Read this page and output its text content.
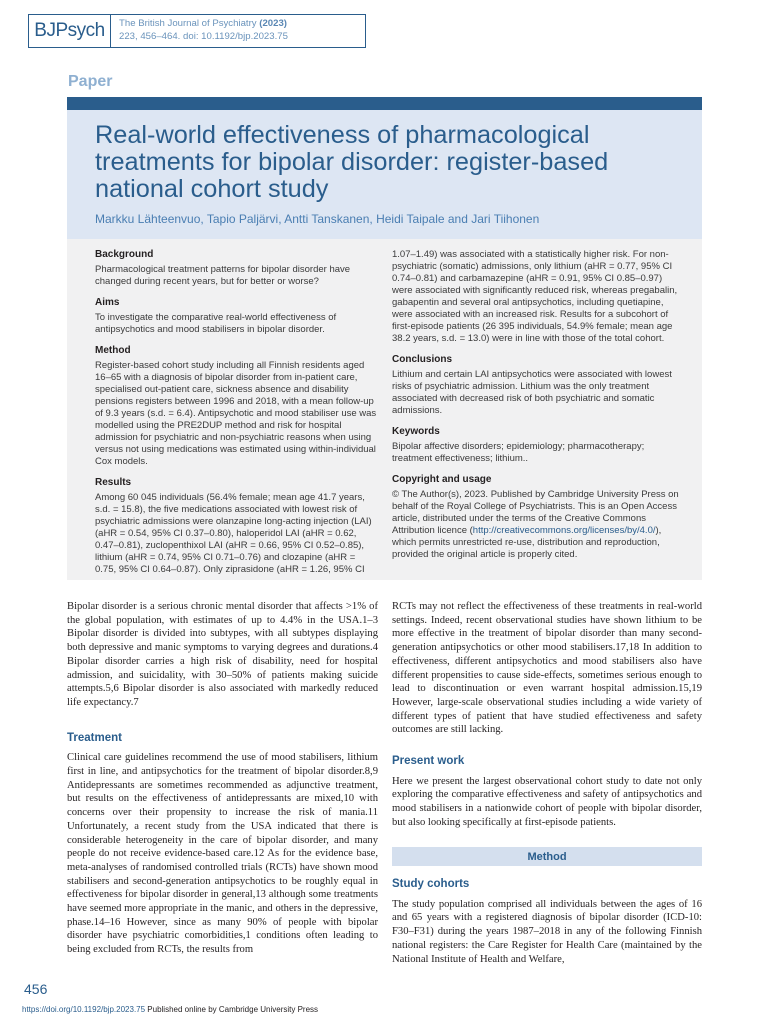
BJPsych	The British Journal of Psychiatry (2023)
223, 456–464. doi: 10.1192/bjp.2023.75
Paper
Real-world effectiveness of pharmacological treatments for bipolar disorder: register-based national cohort study
Markku Lähteenvuo, Tapio Paljärvi, Antti Tanskanen, Heidi Taipale and Jari Tiihonen
Background

Pharmacological treatment patterns for bipolar disorder have changed during recent years, but for better or worse?

Aims

To investigate the comparative real-world effectiveness of antipsychotics and mood stabilisers in bipolar disorder.

Method

Register-based cohort study including all Finnish residents aged 16–65 with a diagnosis of bipolar disorder from in-patient care, specialised out-patient care, sickness absence and disability pensions registers between 1996 and 2018, with a mean follow-up of 9.3 years (s.d. = 6.4). Antipsychotic and mood stabiliser use was modelled using the PRE2DUP method and risk for hospital admission for psychiatric and non-psychiatric reasons when using versus not using medications was estimated using within-individual Cox models.

Results

Among 60 045 individuals (56.4% female; mean age 41.7 years, s.d. = 15.8), the five medications associated with lowest risk of psychiatric admissions were olanzapine long-acting injection (LAI) (aHR = 0.54, 95% CI 0.37–0.80), haloperidol LAI (aHR = 0.62, 0.47–0.81), zuclopenthixol LAI (aHR = 0.66, 95% CI 0.52–0.85), lithium (aHR = 0.74, 95% CI 0.71–0.76) and clozapine (aHR = 0.75, 95% CI 0.64–0.87). Only ziprasidone (aHR = 1.26, 95% CI

1.07–1.49) was associated with a statistically higher risk. For non-psychiatric (somatic) admissions, only lithium (aHR = 0.77, 95% CI 0.74–0.81) and carbamazepine (aHR = 0.91, 95% CI 0.85–0.97) were associated with significantly reduced risk, whereas pregabalin, gabapentin and several oral antipsychotics, including quetiapine, were associated with an increased risk. Results for a subcohort of first-episode patients (26 395 individuals, 54.9% female; mean age 38.2 years, s.d. = 13.0) were in line with those of the total cohort.

Conclusions

Lithium and certain LAI antipsychotics were associated with lowest risks of psychiatric admission. Lithium was the only treatment associated with decreased risk of both psychiatric and somatic admissions.

Keywords

Bipolar affective disorders; epidemiology; pharmacotherapy; treatment effectiveness; lithium..

Copyright and usage

© The Author(s), 2023. Published by Cambridge University Press on behalf of the Royal College of Psychiatrists. This is an Open Access article, distributed under the terms of the Creative Commons Attribution licence (http://creativecommons.org/licenses/by/4.0/), which permits unrestricted re-use, distribution and reproduction, provided the original article is properly cited.

Bipolar disorder is a serious chronic mental disorder that affects >1% of the global population, with estimates of up to 4.4% in the USA.1–3 Bipolar disorder is divided into subtypes, with all subtypes displaying both depressive and manic symptoms to varying degrees and durations.4 Bipolar disorder carries a high risk of disability, need for hospital admission, and suicidality, with 30–50% of patients making suicide attempts.5,6 Bipolar disorder is also associated with markedly reduced life expectancy.7

Treatment

Clinical care guidelines recommend the use of mood stabilisers, lithium first in line, and antipsychotics for the treatment of bipolar disorder.8,9 Antidepressants are sometimes recommended as adjunctive treatment, but results on the effectiveness of antidepressants are mixed,10 with concerns over their propensity to increase the risk of mania.11 Unfortunately, a recent study from the USA indicated that there is considerable heterogeneity in the care of bipolar disorder, and many people do not receive evidence-based care.12 As for the evidence base, meta-analyses of randomised controlled trials (RCTs) have shown mood stabilisers and second-generation antipsychotics to be roughly equal in effectiveness for bipolar disorder in general,13 although some treatments have seemed more appropriate in the manic, and others in the depressive, phase.14–16 However, since as many 90% of people with bipolar disorder have psychiatric comorbidities,1 conditions often leading to being excluded from RCTs, the results from

RCTs may not reflect the effectiveness of these treatments in real-world settings. Indeed, recent observational studies have shown lithium to be more effective in the treatment of bipolar disorder than many second-generation antipsychotics or other mood stabilisers.17,18 In addition to effectiveness, different antipsychotics and mood stabilisers also have different propensities to cause side-effects, sometimes serious enough to lead to discontinuation or even warrant hospital admission.15,19 However, large-scale observational studies including a wide variety of different types of patient that have studied effectiveness and safety outcomes are still lacking.

Present work

Here we present the largest observational cohort study to date not only exploring the comparative effectiveness and safety of antipsychotics and mood stabilisers in a nationwide cohort of people with bipolar disorder, but also looking specifically at first-episode patients.

Method
Study cohorts

The study population comprised all individuals between the ages of 16 and 65 years with a registered diagnosis of bipolar disorder (ICD-10: F30–F31) during the years 1987–2018 in any of the following Finnish national registers: the Care Register for Health Care (maintained by the National Institute of Health and Welfare,

456
https://doi.org/10.1192/bjp.2023.75 Published online by Cambridge University Press
